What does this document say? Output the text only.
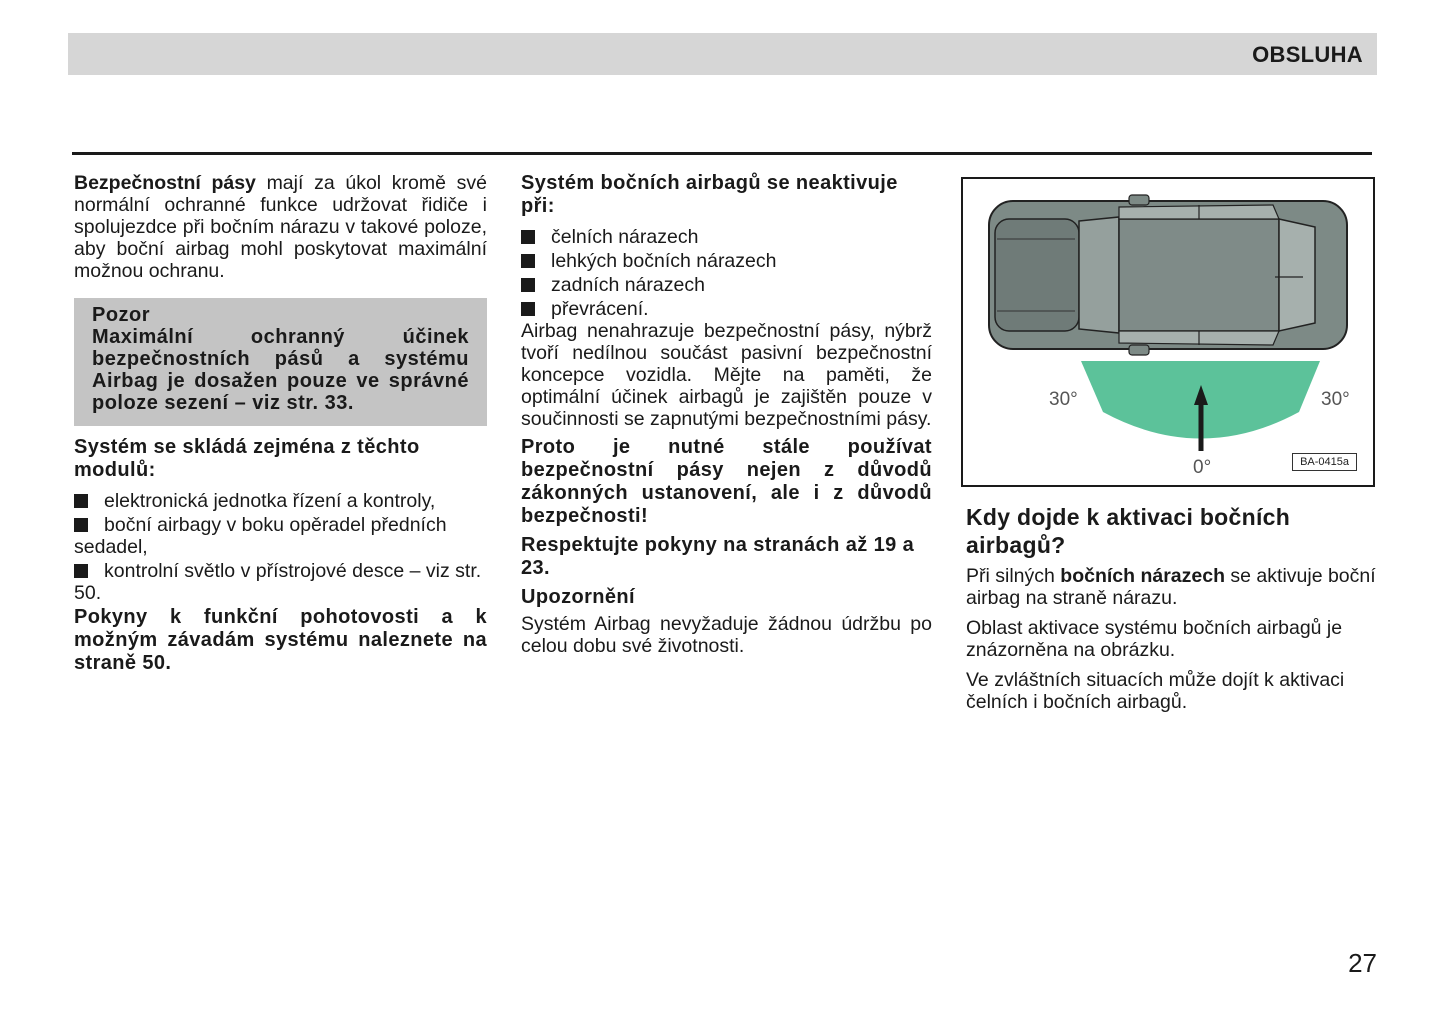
OBSLUHA

Bezpečnostní pásy mají za úkol kromě své normální ochranné funkce udržovat řidiče i spolujezdce při bočním nárazu v takové poloze, aby boční airbag mohl poskytovat maximální možnou ochranu.

Pozor
Maximální ochranný účinek bezpečnostních pásů a systému Airbag je dosažen pouze ve správné poloze sezení – viz str. 33.
Systém se skládá zejména z těchto modulů:
elektronická jednotka řízení a kontroly,
boční airbagy v boku opěradel předních sedadel,
kontrolní světlo v přístrojové desce – viz str. 50.

Pokyny k funkční pohotovosti a k možným závadám systému naleznete na straně 50.

Systém bočních airbagů se neaktivuje při:
čelních nárazech
lehkých bočních nárazech
zadních nárazech
převrácení.

Airbag nenahrazuje bezpečnostní pásy, nýbrž tvoří nedílnou součást pasivní bezpečnostní koncepce vozidla. Mějte na paměti, že optimální účinek airbagů je zajištěn pouze v součinnosti se zapnutými bezpečnostními pásy.

Proto je nutné stále používat bezpečnostní pásy nejen z důvodů zákonných ustanovení, ale i z důvodů bezpečnosti!

Respektujte pokyny na stranách až 19 a 23.

Upozornění

Systém Airbag nevyžaduje žádnou údržbu po celou dobu své životnosti.

30°	30°
0°	BA-0415a
Kdy dojde k aktivaci bočních airbagů?

Při silných bočních nárazech se aktivuje boční airbag na straně nárazu.

Oblast aktivace systému bočních airbagů je znázorněna na obrázku.

Ve zvláštních situacích může dojít k aktivaci čelních i bočních airbagů.

27
